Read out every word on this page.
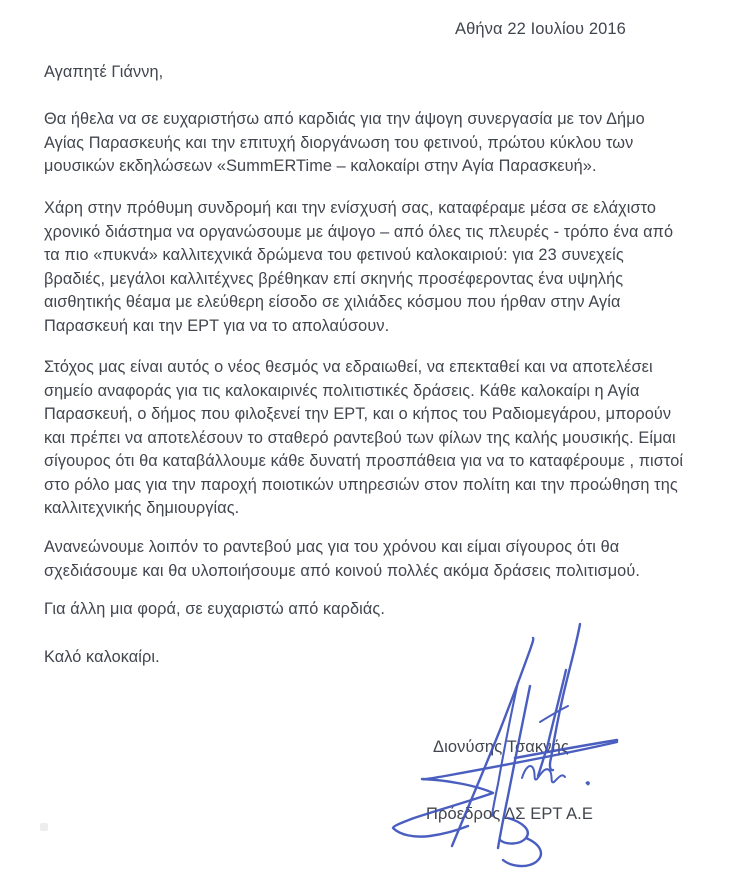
Αθήνα 22 Ιουλίου 2016
Αγαπητέ Γιάννη,
Θα ήθελα να σε ευχαριστήσω από καρδιάς για την άψογη συνεργασία με τον Δήμο Αγίας Παρασκευής και την επιτυχή διοργάνωση του φετινού, πρώτου κύκλου των μουσικών εκδηλώσεων «SummERTime – καλοκαίρι στην Αγία Παρασκευή».
Χάρη στην πρόθυμη συνδρομή και την ενίσχυσή σας, καταφέραμε μέσα σε ελάχιστο χρονικό διάστημα να οργανώσουμε με άψογο – από όλες τις πλευρές - τρόπο ένα από τα πιο «πυκνά» καλλιτεχνικά δρώμενα του φετινού καλοκαιριού: για 23 συνεχείς βραδιές, μεγάλοι καλλιτέχνες βρέθηκαν επί σκηνής προσέφεροντας ένα υψηλής αισθητικής θέαμα με ελεύθερη είσοδο σε χιλιάδες κόσμου που ήρθαν στην Αγία Παρασκευή και την ΕΡΤ για να το απολαύσουν.
Στόχος μας είναι αυτός ο νέος θεσμός να εδραιωθεί, να επεκταθεί και να αποτελέσει σημείο αναφοράς για τις καλοκαιρινές πολιτιστικές δράσεις. Κάθε καλοκαίρι η Αγία Παρασκευή, ο δήμος που φιλοξενεί την ΕΡΤ, και ο κήπος του Ραδιομεγάρου, μπορούν και πρέπει να αποτελέσουν το σταθερό ραντεβού των φίλων της καλής μουσικής. Είμαι σίγουρος ότι θα καταβάλλουμε κάθε δυνατή προσπάθεια για να το καταφέρουμε , πιστοί στο ρόλο μας για την παροχή ποιοτικών υπηρεσιών στον πολίτη και την προώθηση της καλλιτεχνικής δημιουργίας.
Ανανεώνουμε λοιπόν το ραντεβού μας για του χρόνου και είμαι σίγουρος ότι θα σχεδιάσουμε και θα υλοποιήσουμε από κοινού πολλές ακόμα δράσεις πολιτισμού.
Για άλλη μια φορά, σε ευχαριστώ από καρδιάς.
Καλό καλοκαίρι.
Διονύσης Τσακνής
Πρόεδρος ΔΣ ΕΡΤ Α.Ε
